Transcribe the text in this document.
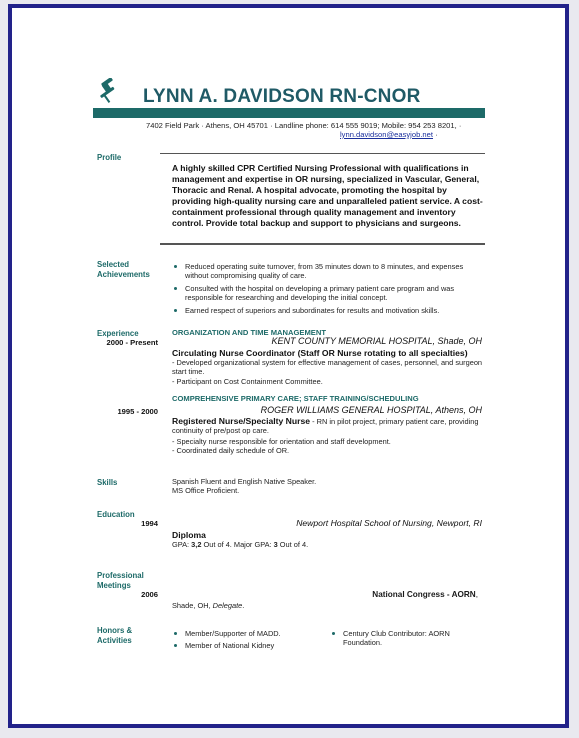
LYNN A. DAVIDSON RN-CNOR
7402 Field Park · Athens, OH 45701 · Landline phone: 614 555 9019; Mobile: 954 253 8201, ·
lynn.davidson@easyjob.net ·
Profile
A highly skilled CPR Certified Nursing Professional with qualifications in management and expertise in OR nursing, specialized in Vascular, General, Thoracic and Renal. A hospital advocate, promoting the hospital by providing high-quality nursing care and unparalleled patient service. A cost-containment professional through quality management and inventory control. Provide total backup and support to physicians and surgeons.
Selected
Achievements
Reduced operating suite turnover, from 35 minutes down to 8 minutes, and expenses without compromising quality of care.
Consulted with the hospital on developing a primary patient care program and was responsible for researching and developing the initial concept.
Earned respect of superiors and subordinates for results and motivation skills.
Experience
2000 - Present
ORGANIZATION AND TIME MANAGEMENT
KENT COUNTY MEMORIAL HOSPITAL, Shade, OH
Circulating Nurse Coordinator (Staff OR Nurse rotating to all specialties)
- Developed organizational system for effective management of cases, personnel, and surgeon start time.
- Participant on Cost Containment Committee.
COMPREHENSIVE PRIMARY CARE; STAFF TRAINING/SCHEDULING
1995 - 2000	ROGER WILLIAMS GENERAL HOSPITAL, Athens, OH
Registered Nurse/Specialty Nurse - RN in pilot project, primary patient care, providing continuity of pre/post op care.
- Specialty nurse responsible for orientation and staff development.
- Coordinated daily schedule of OR.
Skills	Spanish Fluent and English Native Speaker.
MS Office Proficient.
Education
1994	Newport Hospital School of Nursing, Newport, RI
Diploma
GPA: 3,2 Out of 4. Major GPA: 3 Out of 4.
Professional
Meetings
2006	National Congress - AORN,
Shade, OH, Delegate.
Honors &
Activities
Member/Supporter of MADD.
Member of National Kidney
Century Club Contributor: AORN Foundation.
